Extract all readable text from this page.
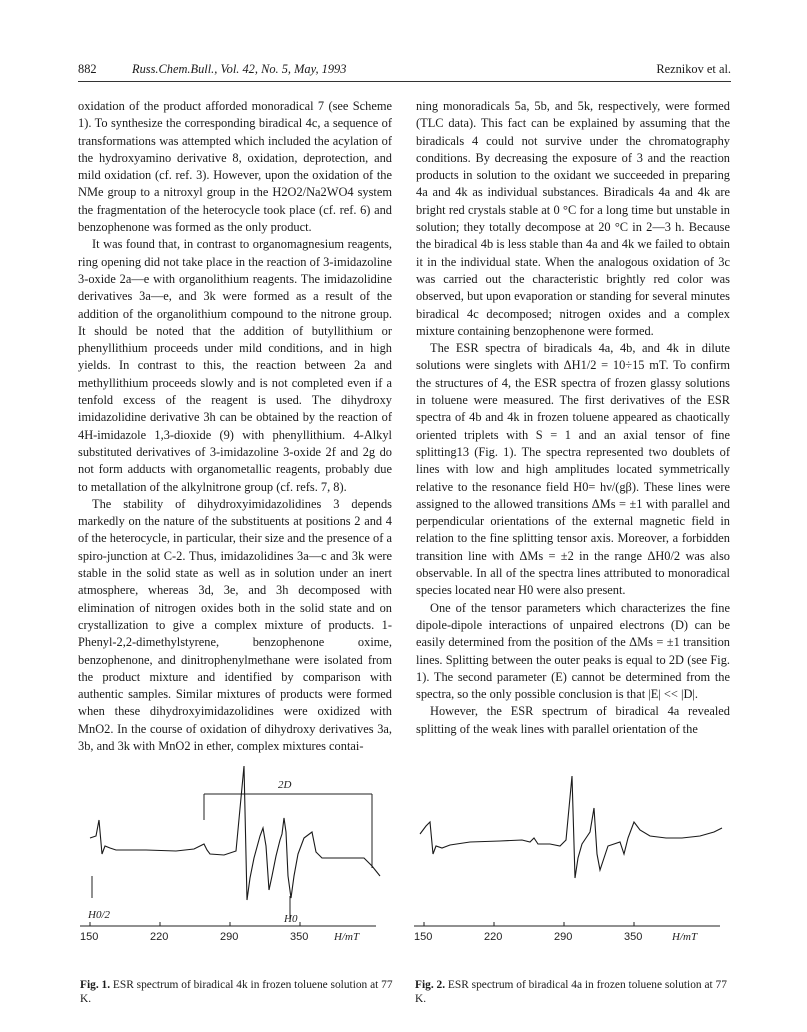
882	Russ.Chem.Bull., Vol. 42, No. 5, May, 1993	Reznikov et al.

oxidation of the product afforded monoradical 7 (see Scheme 1). To synthesize the corresponding biradical 4c, a sequence of transformations was attempted which included the acylation of the hydroxyamino derivative 8, oxidation, deprotection, and mild oxidation (cf. ref. 3). However, upon the oxidation of the NMe group to a nitroxyl group in the H2O2/Na2WO4 system the fragmentation of the heterocycle took place (cf. ref. 6) and benzophenone was formed as the only product.

It was found that, in contrast to organomagnesium reagents, ring opening did not take place in the reaction of 3-imidazoline 3-oxide 2a—e with organolithium reagents. The imidazolidine derivatives 3a—e, and 3k were formed as a result of the addition of the organolithium compound to the nitrone group. It should be noted that the addition of butyllithium or phenyllithium proceeds under mild conditions, and in high yields. In contrast to this, the reaction between 2a and methyllithium proceeds slowly and is not completed even if a tenfold excess of the reagent is used. The dihydroxy imidazolidine derivative 3h can be obtained by the reaction of 4H-imidazole 1,3-dioxide (9) with phenyllithium. 4-Alkyl substituted derivatives of 3-imidazoline 3-oxide 2f and 2g do not form adducts with organometallic reagents, probably due to metallation of the alkylnitrone group (cf. refs. 7, 8).

The stability of dihydroxyimidazolidines 3 depends markedly on the nature of the substituents at positions 2 and 4 of the heterocycle, in particular, their size and the presence of a spiro-junction at C-2. Thus, imidazolidines 3a—c and 3k were stable in the solid state as well as in solution under an inert atmosphere, whereas 3d, 3e, and 3h decomposed with elimination of nitrogen oxides both in the solid state and on crystallization to give a complex mixture of products. 1-Phenyl-2,2-dimethylstyrene, benzophenone oxime, benzophenone, and dinitrophenylmethane were isolated from the product mixture and identified by comparison with authentic samples. Similar mixtures of products were formed when these dihydroxyimidazolidines were oxidized with MnO2. In the course of oxidation of dihydroxy derivatives 3a, 3b, and 3k with MnO2 in ether, complex mixtures contai-

ning monoradicals 5a, 5b, and 5k, respectively, were formed (TLC data). This fact can be explained by assuming that the biradicals 4 could not survive under the chromatography conditions. By decreasing the exposure of 3 and the reaction products in solution to the oxidant we succeeded in preparing 4a and 4k as individual substances. Biradicals 4a and 4k are bright red crystals stable at 0 °C for a long time but unstable in solution; they totally decompose at 20 °C in 2—3 h. Because the biradical 4b is less stable than 4a and 4k we failed to obtain it in the individual state. When the analogous oxidation of 3c was carried out the characteristic brightly red color was observed, but upon evaporation or standing for several minutes biradical 4c decomposed; nitrogen oxides and a complex mixture containing benzophenone were formed.

The ESR spectra of biradicals 4a, 4b, and 4k in dilute solutions were singlets with ΔH1/2 = 10÷15 mT. To confirm the structures of 4, the ESR spectra of frozen glassy solutions in toluene were measured. The first derivatives of the ESR spectra of 4b and 4k in frozen toluene appeared as chaotically oriented triplets with S = 1 and an axial tensor of fine splitting13 (Fig. 1). The spectra represented two doublets of lines with low and high amplitudes located symmetrically relative to the resonance field H0= hν/(gβ). These lines were assigned to the allowed transitions ΔMs = ±1 with parallel and perpendicular orientations of the external magnetic field in relation to the fine splitting tensor axis. Moreover, a forbidden transition line with ΔMs = ±2 in the range ΔH0/2 was also observable. In all of the spectra lines attributed to monoradical species located near H0 were also present.

One of the tensor parameters which characterizes the fine dipole-dipole interactions of unpaired electrons (D) can be easily determined from the position of the ΔMs = ±1 transition lines. Splitting between the outer peaks is equal to 2D (see Fig. 1). The second parameter (E) cannot be determined from the spectra, so the only possible conclusion is that |E| << |D|.

However, the ESR spectrum of biradical 4a revealed splitting of the weak lines with parallel orientation of the

2D
H0/2	H0
150	220	290	350 H/mT
Fig. 1. ESR spectrum of biradical 4k in frozen toluene solution at 77 K.
150	220	290	350	H/mT
Fig. 2. ESR spectrum of biradical 4a in frozen toluene solution at 77 K.
